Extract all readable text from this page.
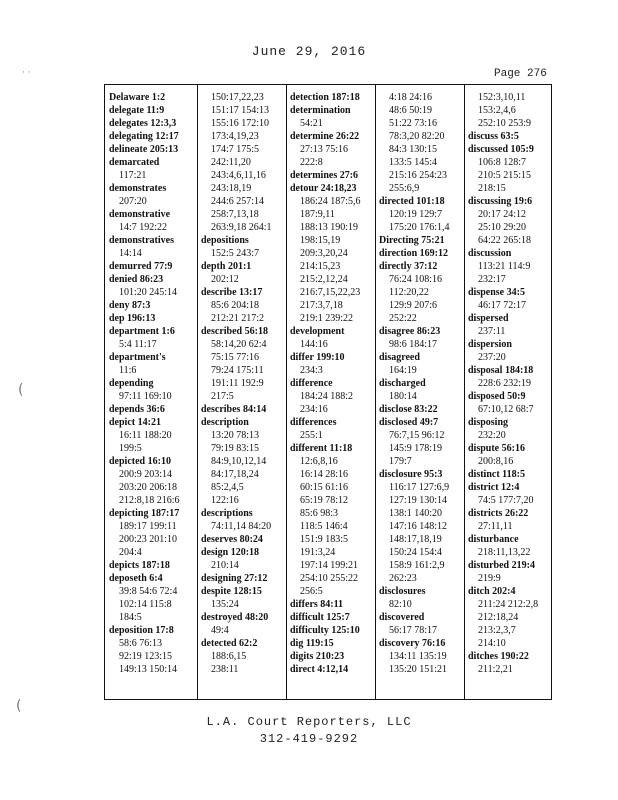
June 29, 2016
Page 276
· ·
(
(
Delaware 1:2
delegate 11:9
delegates 12:3,3
delegating 12:17
delineate 205:13
demarcated
117:21
demonstrates
207:20
demonstrative
14:7 192:22
demonstratives
14:14
demurred 77:9
denied 86:23
101:20 245:14
deny 87:3
dep 196:13
department 1:6
5:4 11:17
department's
11:6
depending
97:11 169:10
depends 36:6
depict 14:21
16:11 188:20
199:5
depicted 16:10
200:9 203:14
203:20 206:18
212:8,18 216:6
depicting 187:17
189:17 199:11
200:23 201:10
204:4
depicts 187:18
deposeth 6:4
39:8 54:6 72:4
102:14 115:8
184:5
deposition 17:8
58:6 76:13
92:19 123:15
149:13 150:14
150:17,22,23
151:17 154:13
155:16 172:10
173:4,19,23
174:7 175:5
242:11,20
243:4,6,11,16
243:18,19
244:6 257:14
258:7,13,18
263:9,18 264:1
depositions
152:5 243:7
depth 201:1
202:12
describe 13:17
85:6 204:18
212:21 217:2
described 56:18
58:14,20 62:4
75:15 77:16
79:24 175:11
191:11 192:9
217:5
describes 84:14
description
13:20 78:13
79:19 83:15
84:9,10,12,14
84:17,18,24
85:2,4,5
122:16
descriptions
74:11,14 84:20
deserves 80:24
design 120:18
210:14
designing 27:12
despite 128:15
135:24
destroyed 48:20
49:4
detected 62:2
188:6,15
238:11
detection 187:18
determination
54:21
determine 26:22
27:13 75:16
222:8
determines 27:6
detour 24:18,23
186:24 187:5,6
187:9,11
188:13 190:19
198:15,19
209:3,20,24
214:15,23
215:2,12,24
216:7,15,22,23
217:3,7,18
219:1 239:22
development
144:16
differ 199:10
234:3
difference
184:24 188:2
234:16
differences
255:1
different 11:18
12:6,8,16
16:14 28:16
60:15 61:16
65:19 78:12
85:6 98:3
118:5 146:4
151:9 183:5
191:3,24
197:14 199:21
254:10 255:22
256:5
differs 84:11
difficult 125:7
difficulty 125:10
dig 119:15
digits 210:23
direct 4:12,14
4:18 24:16
48:6 50:19
51:22 73:16
78:3,20 82:20
84:3 130:15
133:5 145:4
215:16 254:23
255:6,9
directed 101:18
120:19 129:7
175:20 176:1,4
Directing 75:21
direction 169:12
directly 37:12
76:24 108:16
112:20,22
129:9 207:6
252:22
disagree 86:23
98:6 184:17
disagreed
164:19
discharged
180:14
disclose 83:22
disclosed 49:7
76:7,15 96:12
145:9 178:19
179:7
disclosure 95:3
116:17 127:6,9
127:19 130:14
138:1 140:20
147:16 148:12
148:17,18,19
150:24 154:4
158:9 161:2,9
262:23
disclosures
82:10
discovered
56:17 78:17
discovery 76:16
134:11 135:19
135:20 151:21
152:3,10,11
153:2,4,6
252:10 253:9
discuss 63:5
discussed 105:9
106:8 128:7
210:5 215:15
218:15
discussing 19:6
20:17 24:12
25:10 29:20
64:22 265:18
discussion
113:21 114:9
232:17
dispense 34:5
46:17 72:17
dispersed
237:11
dispersion
237:20
disposal 184:18
228:6 232:19
disposed 50:9
67:10,12 68:7
disposing
232:20
dispute 56:16
200:8,16
distinct 118:5
district 12:4
74:5 177:7,20
districts 26:22
27:11,11
disturbance
218:11,13,22
disturbed 219:4
219:9
ditch 202:4
211:24 212:2,8
212:18,24
213:2,3,7
214:10
ditches 190:22
211:2,21
L.A. Court Reporters, LLC
312-419-9292
